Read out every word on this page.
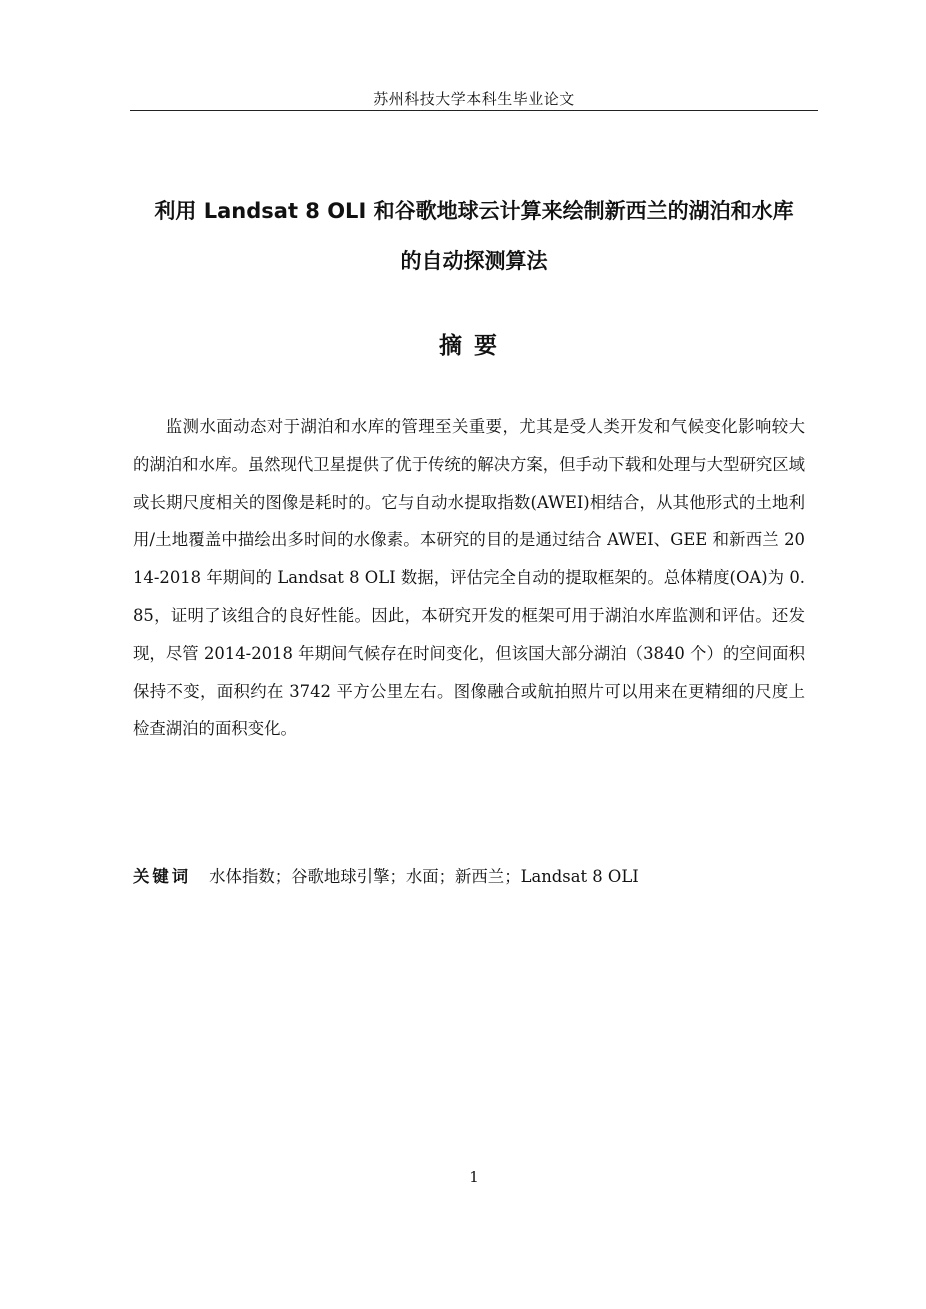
苏州科技大学本科生毕业论文
利用 Landsat 8 OLI 和谷歌地球云计算来绘制新西兰的湖泊和水库
的自动探测算法
摘要

监测水面动态对于湖泊和水库的管理至关重要，尤其是受人类开发和气候变化影响较大的湖泊和水库。虽然现代卫星提供了优于传统的解决方案，但手动下载和处理与大型研究区域或长期尺度相关的图像是耗时的。它与自动水提取指数(AWEI)相结合，从其他形式的土地利用/土地覆盖中描绘出多时间的水像素。本研究的目的是通过结合 AWEI、GEE 和新西兰 2014-2018 年期间的 Landsat 8 OLI 数据，评估完全自动的提取框架的。总体精度(OA)为 0.85，证明了该组合的良好性能。因此，本研究开发的框架可用于湖泊水库监测和评估。还发现，尽管 2014-2018 年期间气候存在时间变化，但该国大部分湖泊（3840 个）的空间面积保持不变，面积约在 3742 平方公里左右。图像融合或航拍照片可以用来在更精细的尺度上检查湖泊的面积变化。

关键词 水体指数；谷歌地球引擎；水面；新西兰；Landsat 8 OLI
1
